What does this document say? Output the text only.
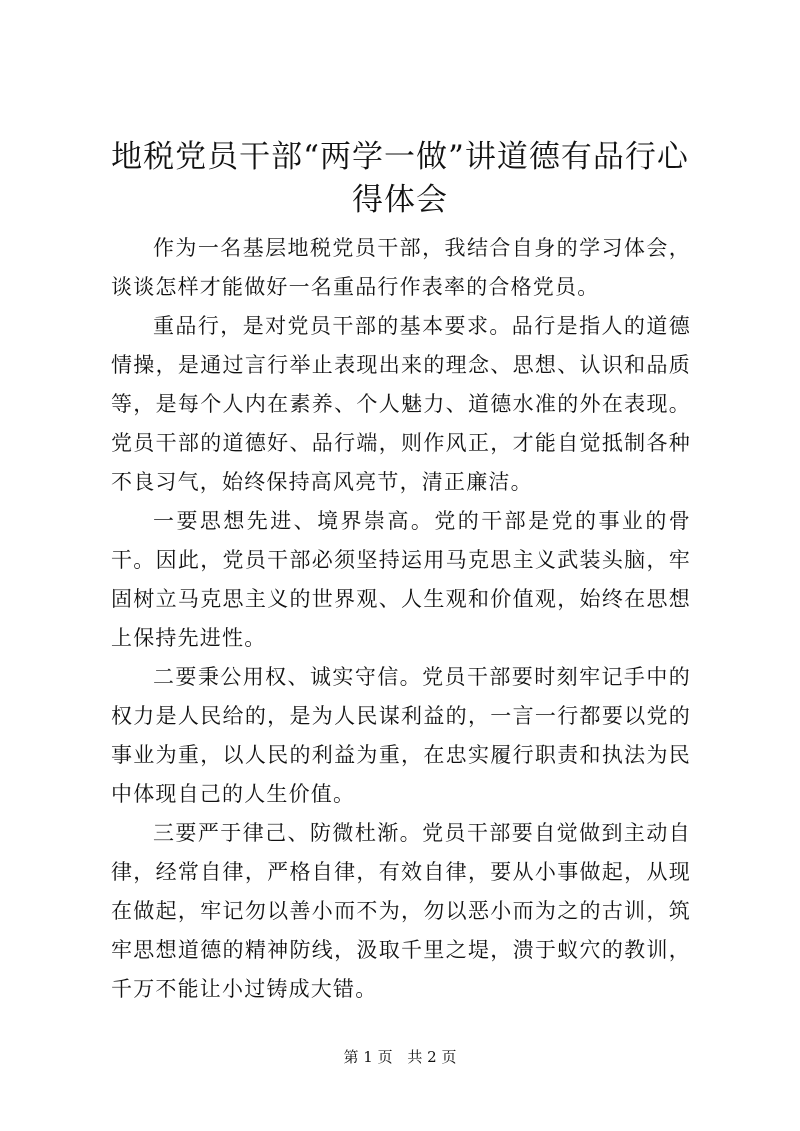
地税党员干部“两学一做”讲道德有品行心得体会

作为一名基层地税党员干部，我结合自身的学习体会，谈谈怎样才能做好一名重品行作表率的合格党员。

重品行，是对党员干部的基本要求。品行是指人的道德情操，是通过言行举止表现出来的理念、思想、认识和品质等，是每个人内在素养、个人魅力、道德水准的外在表现。党员干部的道德好、品行端，则作风正，才能自觉抵制各种不良习气，始终保持高风亮节，清正廉洁。

一要思想先进、境界崇高。党的干部是党的事业的骨干。因此，党员干部必须坚持运用马克思主义武装头脑，牢固树立马克思主义的世界观、人生观和价值观，始终在思想上保持先进性。

二要秉公用权、诚实守信。党员干部要时刻牢记手中的权力是人民给的，是为人民谋利益的，一言一行都要以党的事业为重，以人民的利益为重，在忠实履行职责和执法为民中体现自己的人生价值。

三要严于律己、防微杜渐。党员干部要自觉做到主动自律，经常自律，严格自律，有效自律，要从小事做起，从现在做起，牢记勿以善小而不为，勿以恶小而为之的古训，筑牢思想道德的精神防线，汲取千里之堤，溃于蚁穴的教训，千万不能让小过铸成大错。

第 1 页 共 2 页
